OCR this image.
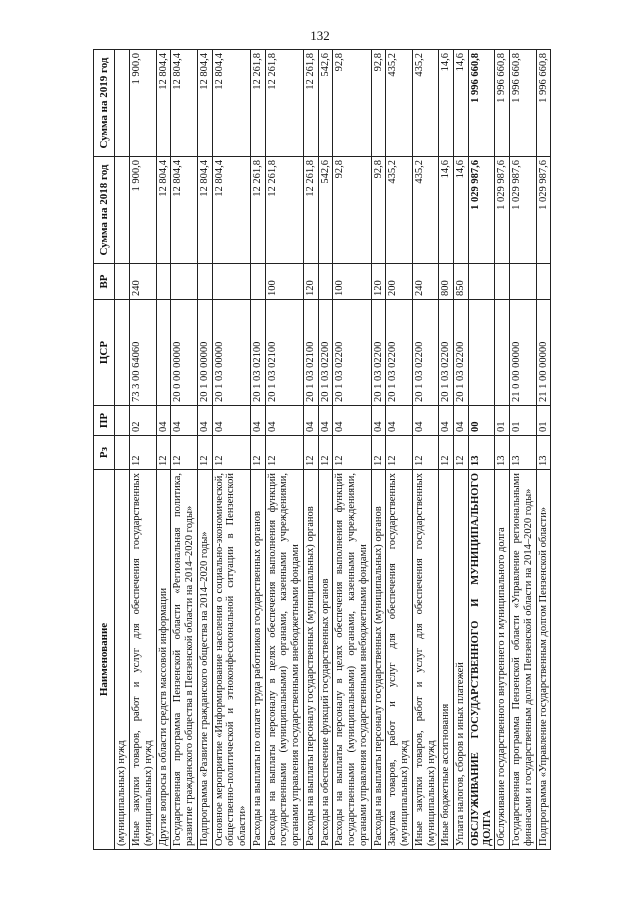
132
Наименование	Рз	ПР	ЦСР	ВР	Сумма на 2018 год	Сумма на 2019 год
(муниципальных) нужд						
Иные закупки товаров, работ и услуг для обеспечения государственных (муниципальных) нужд	12	02	73 3 00 64060	240	1 900,0	1 900,0
Другие вопросы в области средств массовой информации	12	04			12 804,4	12 804,4
Государственная программа Пензенской области «Региональная политика, развитие гражданского общества в Пензенской области на 2014–2020 годы»	12	04	20 0 00 00000		12 804,4	12 804,4
Подпрограмма «Развитие гражданского общества на 2014–2020 годы»	12	04	20 1 00 00000		12 804,4	12 804,4
Основное мероприятие «Информирование населения о социально-экономической, общественно-политической и этноконфессиональной ситуации в Пензенской области»	12	04	20 1 03 00000		12 804,4	12 804,4
Расходы на выплаты по оплате труда работников государственных органов	12	04	20 1 03 02100		12 261,8	12 261,8
Расходы на выплаты персоналу в целях обеспечения выполнения функций государственными (муниципальными) органами, казенными учреждениями, органами управления государственными внебюджетными фондами	12	04	20 1 03 02100	100	12 261,8	12 261,8
Расходы на выплаты персоналу государственных (муниципальных) органов	12	04	20 1 03 02100	120	12 261,8	12 261,8
Расходы на обеспечение функций государственных органов	12	04	20 1 03 02200		542,6	542,6
Расходы на выплаты персоналу в целях обеспечения выполнения функций государственными (муниципальными) органами, казенными учреждениями, органами управления государственными внебюджетными фондами	12	04	20 1 03 02200	100	92,8	92,8
Расходы на выплаты персоналу государственных (муниципальных) органов	12	04	20 1 03 02200	120	92,8	92,8
Закупка товаров, работ и услуг для обеспечения государственных (муниципальных) нужд	12	04	20 1 03 02200	200	435,2	435,2
Иные закупки товаров, работ и услуг для обеспечения государственных (муниципальных) нужд	12	04	20 1 03 02200	240	435,2	435,2
Иные бюджетные ассигнования	12	04	20 1 03 02200	800	14,6	14,6
Уплата налогов, сборов и иных платежей	12	04	20 1 03 02200	850	14,6	14,6
ОБСЛУЖИВАНИЕ ГОСУДАРСТВЕННОГО И МУНИЦИПАЛЬНОГО ДОЛГА	13	00			1 029 987,6	1 996 660,8
Обслуживание государственного внутреннего и муниципального долга	13	01			1 029 987,6	1 996 660,8
Государственная программа Пензенской области «Управление региональными финансами и государственным долгом Пензенской области на 2014–2020 годы»	13	01	21 0 00 00000		1 029 987,6	1 996 660,8
Подпрограмма «Управление государственным долгом Пензенской области»	13	01	21 1 00 00000		1 029 987,6	1 996 660,8
